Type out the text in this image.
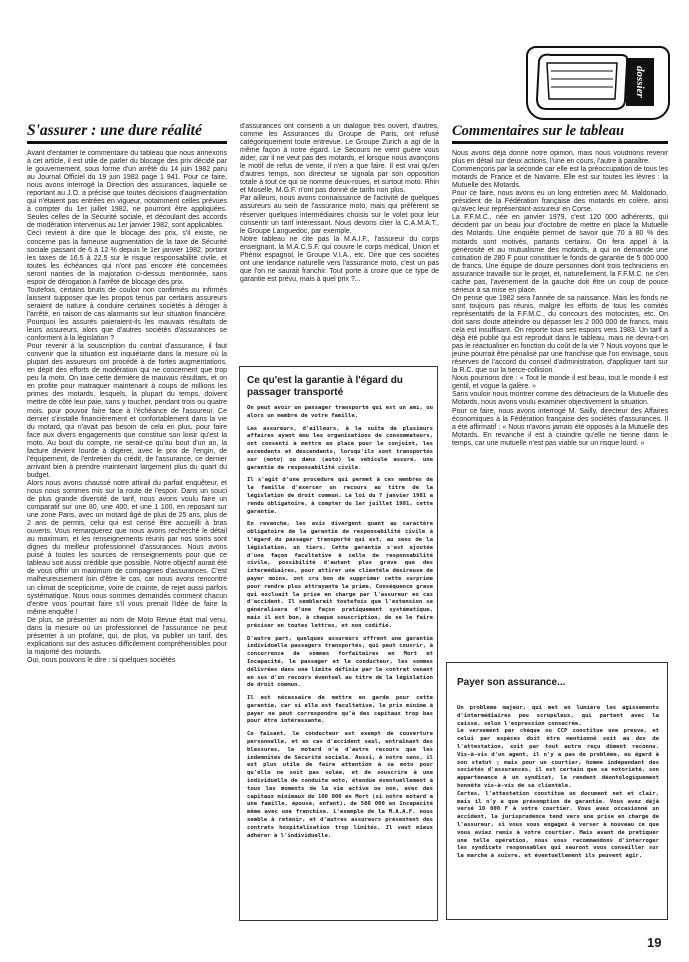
dossier
S'assurer : une dure réalité

Avant d'entamer le commentaire du tableau que nous annexons à cet article, il est utile de parler du blocage des prix décidé par le gouvernement, sous forme d'un arrêté du 14 juin 1982 paru au Journal Officiel du 19 juin 1982 page 1 941. Pour ce faire, nous avons interrogé la Direction des assurances, laquelle se reportant au J.O. a précisé que toutes décisions d'augmentation qui n'étaient pas entrées en vigueur, notamment celles prévues à compter du 1er juillet 1982, ne pourront être appliquées. Seules celles de la Sécurité sociale, et découlant des accords de modération intervenus au 1er janvier 1982, sont applicables.

Ceci revient à dire que le blocage des prix, s'il existe, ne concerne pas la fameuse augmentation de la taxe de Sécurité sociale passant de 6 à 12 % depuis le 1er janvier 1982, portant les taxes de 16,5 à 22,5 sur le risque responsabilité civile, et toutes les échéances qui n'ont pas encore été concernées seront nanties de la majoration ci-dessus mentionnée, sans espoir de dérogation à l'arrêté de blocage des prix.

Toutefois, certains bruits de couloir non confirmés ou infirmés laissent supposer que les propos tenus par certains assureurs seraient de nature à conduire certaines sociétés à déroger à l'arrêté, en raison de cas alarmants sur leur situation financière. Pourquoi les assurés paieraient-ils les mauvais résultats de leurs assureurs, alors que d'autres sociétés d'assurances se conforment à la législation ?

Pour revenir à la souscription du contrat d'assurance, il faut convenir que la situation est inquiétante dans la mesure où la plupart des assureurs ont procédé à de fortes augmentations, en dépit des efforts de modération qui ne concernent que trop peu la moto. On taxe cette dernière de mauvais résultats, et on en profite pour matraquer maintenant à coups de millions les primes des motards, lesquels, la plupart du temps, doivent mettre de côté leur paie, sans y toucher, pendant trois ou quatre mois, pour pouvoir faire face à l'échéance de l'assureur. Ce dernier s'installe financièrement et confortablement dans la vie du motard, qui n'avait pas besoin de cela en plus, pour faire face aux divers engagements que constitue son loisir qu'est la moto. Au bout du compte, ne serait-ce qu'au bout d'un an, la facture devient lourde à digérer, avec le prix de l'engin, de l'équipement, de l'entretien du crédit, de l'assurance, ce dernier arrivant bien à prendre maintenant largement plus du quart du budget.

Alors nous avons chaussé notre attirail du parfait enquêteur, et nous nous sommes mis sur la route de l'espoir. Dans un souci de plus grande diversité de tarif, nous avons voulu faire un comparatif sur une 80, une 400, et une 1 100, en reposant sur une zone Paris, avec un motard âgé de plus de 25 ans, plus de 2 ans de permis, celui qui est censé être accueilli à bras ouverts. Vous remarquerez que nous avons recherché le détail au maximum, et les renseignements réunis par nos soins sont dignes du meilleur professionnel d'assurances. Nous avons puisé à toutes les sources de renseignements pour que ce tableau soit aussi crédible que possible. Notre objectif aurait été de vous offrir un maximum de compagnies d'assurances. C'est malheureusement loin d'être le cas, car nous avons rencontré un climat de scepticisme, voire de crainte, de rejet aussi parfois systématique. Nous nous sommes demandés comment chacun d'entre vous pourrait faire s'il vous prenait l'idée de faire la même enquête !

De plus, se présenter au nom de Moto Revue était mal venu, dans la mesure où un professionnel de l'assurance ne peut présenter à un profane, qui, de plus, va publier un tarif, des explications sur des astuces difficilement compréhensibles pour la majorité des motards.

Oui, nous pouvons le dire : si quelques sociétés

d'assurances ont consenti à un dialogue très ouvert, d'autres, comme les Assurances du Groupe de Paris, ont refusé catégoriquement toute entrevue. Le Groupe Zurich a agi de la même façon à notre égard. Le Secours ne vient guère vous aider, car il ne veut pas des motards, et lorsque nous avançons le motif de refus de vente, il n'en a que faire. Il est vrai qu'en d'autres temps, son directeur se signala par son opposition totale à tout ce qui se nomme deux-roues, et surtout moto. Rhin et Moselle, M.G.F. n'ont pas donné de tarifs non plus.

Par ailleurs, nous avons connaissance de l'activité de quelques assureurs au sein de l'assurance moto, mais qui préfèrent se réserver quelques intermédiaires choisis sur le volet pour leur consentir un tarif intéressant. Nous devons citer la C.A.M.A.T., le Groupe Languedoc, par exemple.

Notre tableau ne cite pas la M.A.I.F., l'assureur du corps enseignant, la M.A.C.S.F. qui couvre le corps médical, Union et Phénix espagnol, le Groupe V.I.A., etc. Dire que ces sociétés ont une tendance naturelle vers l'assurance moto, c'est un pas que l'on ne saurait franchir. Tout porte à croire que ce type de garantie est prévu, mais à quel prix ?...

Ce qu'est la garantie à l'égard du passager transporté

On peut avoir un passager transporté qui est un ami, ou alors un membre de votre famille.

Les assureurs, d'ailleurs, à la suite de plusieurs affaires ayant ému les organisations de consommateurs, ont consenti à mettre en place pour le conjoint, les ascendants et descendants, lorsqu'ils sont transportés sur (moto) ou dans (auto) le véhicule assuré, une garantie de responsabilité civile.

Il s'agit d'une procédure qui permet à ces membres de la famille d'exercer un recours au titre de la législation de droit commun. La loi du 7 janvier 1981 a rendu obligatoire, à compter du 1er juillet 1981, cette garantie.

En revanche, les avis divergent quant au caractère obligatoire de la garantie de responsabilité civile à l'égard du passager transporté qui est, au sens de la législation, un tiers. Cette garantie s'est ajoutée d'une façon facultative à celle de responsabilité civile, possibilité d'autant plus grave que des intermédiaires, pour attirer une clientèle désireuse de payer moins, ont cru bon de supprimer cette surprime pour rendre plus attrayante la prime. Conséquence grave qui excluait la prise en charge par l'assureur en cas d'accident. Il semblerait toutefois que l'extension se généralisera d'une façon pratiquement systématique, mais il est bon, à chaque souscription, de se le faire préciser en toutes lettres, et non codifié.

D'autre part, quelques assureurs offrent une garantie individuelle passagers transportés, qui peut couvrir, à concurrence de sommes forfaitaires en Mort et Incapacité, le passager et le conducteur, les sommes délivrées dans une limite définie par le contrat venant en sus d'un recours éventuel au titre de la législation de droit commun.

Il est nécessaire de mettre en garde pour cette garantie, car si elle est facultative, le prix minime à payer ne peut correspondre qu'à des capitaux trop bas pour être intéressante.

Ce faisant, le conducteur est exempt de couverture personnelle, et en cas d'accident seul, entraînant des blessures, le motard n'a d'autre recours que les indemnités de Sécurité sociale. Aussi, à notre sens, il est plus utile de faire attention à sa moto pour qu'elle ne soit pas volée, et de souscrire à une individuelle de conduite moto, étendue éventuellement à tous les moments de la vie active ou non, avec des capitaux minimaux de 100 000 en Mort (si notre motard a une famille, épouse, enfant), de 500 000 en Incapacité même avec une franchise. L'exemple de la M.A.A.F. nous semble à retenir, et d'autres assureurs présentent des contrats hospitalisation trop limités. Il vaut mieux adhérer à l'individuelle.

Commentaires sur le tableau

Nous avons déjà donné notre opinion, mais nous voudrions revenir plus en détail sur deux actions, l'une en cours, l'autre à paraître.

Commençons par la seconde car elle est la préoccupation de tous les motards de France et de Navarre. Elle est sur toutes les lèvres : la Mutuelle des Motards.

Pour ce faire, nous avons eu un long entretien avec M. Maldonado, président de la Fédération française des motards en colère, ainsi qu'avec leur représentant-assureur en Corse.

La F.F.M.C., née en janvier 1979, c'est 120 000 adhérents, qui décident par un beau jour d'octobre de mettre en place la Mutuelle des Motards. Une enquête permet de savoir que 70 à 80 % des motards sont motivés, partants certains. On fera appel à la générosité et au mutualisme des motards, à qui on demande une cotisation de 280 F pour constituer le fonds de garantie de 5 000 000 de francs. Une équipe de douze personnes dont trois techniciens en assurance travaille sur le projet, et, naturellement, la F.F.M.C. ne s'en cache pas, l'avènement de la gauche doit être un coup de pouce sérieux à sa mise en place.

On pense que 1982 sera l'année de sa naissance. Mais les fonds ne sont toujours pas réunis, malgré les efforts de tous les comités représentatifs de la F.F.M.C., du concours des motocistes, etc. On doit sans doute atteindre ou dépasser les 2 000 000 de francs, mais cela est insuffisant. On reporte tous ses espoirs vers 1983. Un tarif a déjà été publié qui est reproduit dans le tableau, mais ne devra-t-on pas le réactualiser en fonction du coût de la vie ? Nous voyons que le jeune pourrait être pénalisé par une franchise que l'on envisage, sous réserves de l'accord du conseil d'administration, d'appliquer tant sur la R.C. que sur la tierce-collision.

Nous pourrions dire : « Tout le monde il est beau, tout le monde il est gentil, et vogue la galère. »

Sans vouloir nous montrer comme des détracteurs de la Mutuelle des Motards, nous avons voulu examiner objectivement la situation.

Pour ce faire, nous avons interrogé M. Sailly, directeur des Affaires économiques à la Fédération française des sociétés d'assurances. Il a été affirmatif : « Nous n'avons jamais été opposés à la Mutuelle des Motards. En revanche il est à craindre qu'elle ne tienne dans le temps, car une mutuelle n'est pas viable sur un risque lourd. »

Payer son assurance...

Un problème majeur, qui met en lumière les agissements d'intermédiaires peu scrupuleux, qui partent avec la caisse, selon l'expression consacrée.

Le versement par chèque ou CCP constitue une preuve, et celui par espèces doit être mentionné soit au dos de l'attestation, soit par tout autre reçu dûment reconnu. Vis-à-vis d'un agent, il n'y a pas de problème, eu égard à son statut ; mais pour un courtier, homme indépendant des sociétés d'assurances, il est certain que sa notoriété, son appartenance à un syndicat, le rendent déontologiquement honnête vis-à-vis de sa clientèle.

Certes, l'attestation constitue un document net et clair, mais il n'y a que présomption de garantie. Vous avez déjà versé 10 000 F à votre courtier. Vous avez occasionné un accident, la jurisprudence tend vers une prise en charge de l'assureur, si vous vous engagez à verser à nouveau ce que vous aviez remis à votre courtier. Mais avant de pratiquer une telle opération, nous vous recommandons d'interroger les syndicats responsables qui sauront vous conseiller sur la marche à suivre, et éventuellement ils peuvent agir.

19
